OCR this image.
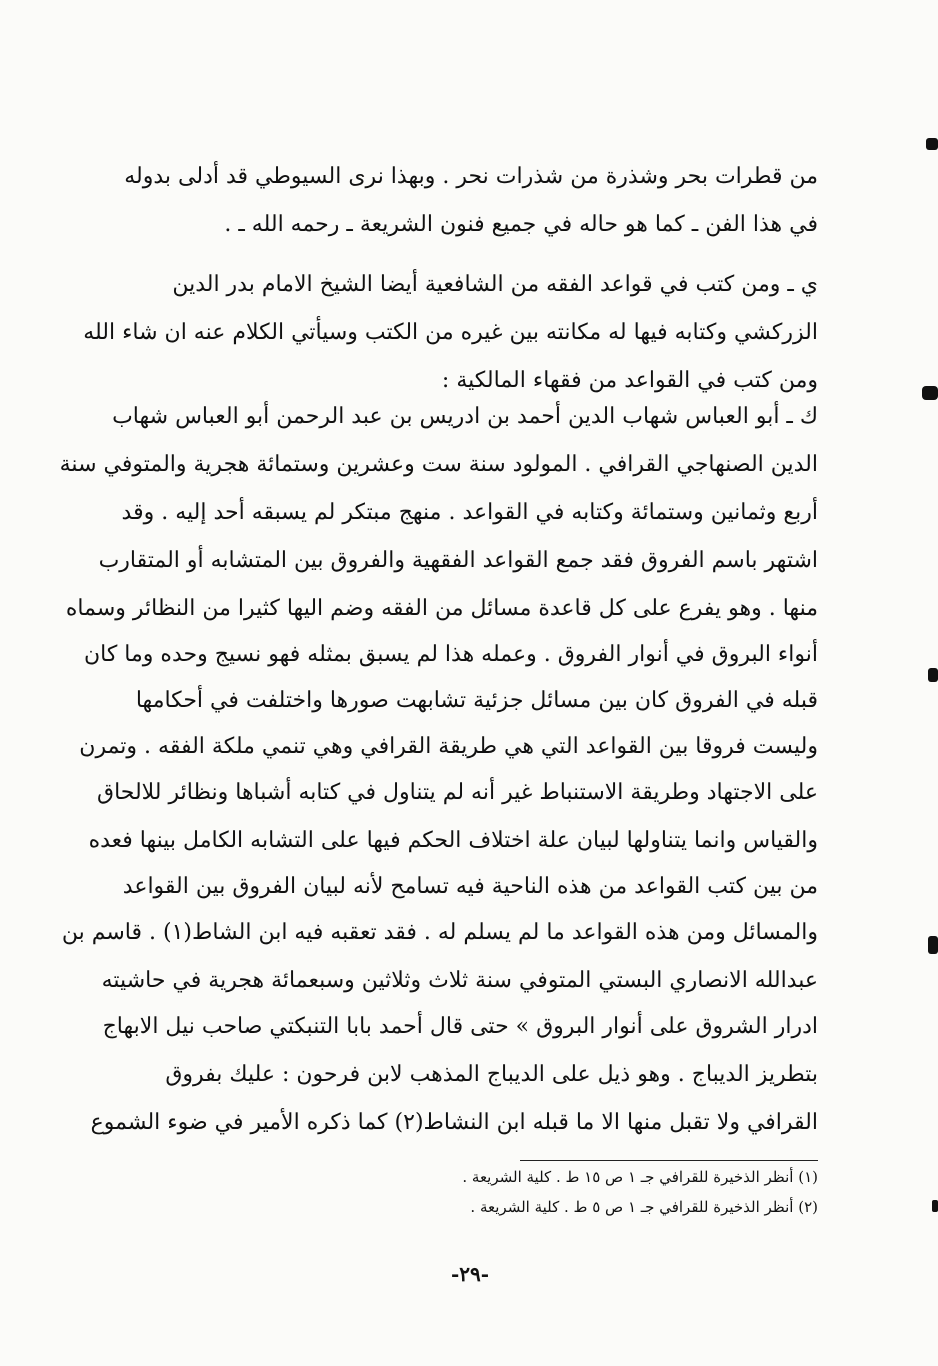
من قطرات بحر وشذرة من شذرات نحر . وبهذا نرى السيوطي قد أدلى بدوله
في هذا الفن ـ كما هو حاله في جميع فنون الشريعة ـ رحمه الله ـ .
ي ـ ومن كتب في قواعد الفقه من الشافعية أيضا الشيخ الامام بدر الدين
الزركشي وكتابه فيها له مكانته بين غيره من الكتب وسيأتي الكلام عنه ان شاء الله
ومن كتب في القواعد من فقهاء المالكية :
ك ـ أبو العباس شهاب الدين أحمد بن ادريس بن عبد الرحمن أبو العباس شهاب
الدين الصنهاجي القرافي . المولود سنة ست وعشرين وستمائة هجرية والمتوفي سنة
أربع وثمانين وستمائة وكتابه في القواعد . منهج مبتكر لم يسبقه أحد إليه . وقد
اشتهر باسم الفروق فقد جمع القواعد الفقهية والفروق بين المتشابه أو المتقارب
منها . وهو يفرع على كل قاعدة مسائل من الفقه وضم اليها كثيرا من النظائر وسماه
أنواء البروق في أنوار الفروق . وعمله هذا لم يسبق بمثله فهو نسيج وحده وما كان
قبله في الفروق كان بين مسائل جزئية تشابهت صورها واختلفت في أحكامها
وليست فروقا بين القواعد التي هي طريقة القرافي وهي تنمي ملكة الفقه . وتمرن
على الاجتهاد وطريقة الاستنباط غير أنه لم يتناول في كتابه أشباها ونظائر للالحاق
والقياس وانما يتناولها لبيان علة اختلاف الحكم فيها على التشابه الكامل بينها فعده
من بين كتب القواعد من هذه الناحية فيه تسامح لأنه لبيان الفروق بين القواعد
والمسائل ومن هذه القواعد ما لم يسلم له . فقد تعقبه فيه ابن الشاط(١) . قاسم بن
عبدالله الانصاري البستي المتوفي سنة ثلاث وثلاثين وسبعمائة هجرية في حاشيته
ادرار الشروق على أنوار البروق » حتى قال أحمد بابا التنبكتي صاحب نيل الابهاج
بتطريز الديباج . وهو ذيل على الديباج المذهب لابن فرحون : عليك بفروق
القرافي ولا تقبل منها الا ما قبله ابن النشاط(٢) كما ذكره الأمير في ضوء الشموع
(١) أنظر الذخيرة للقرافي جـ ١ ص ١٥ ط . كلية الشريعة .
(٢) أنظر الذخيرة للقرافي جـ ١ ص ٥ ط . كلية الشريعة .
-٢٩-
